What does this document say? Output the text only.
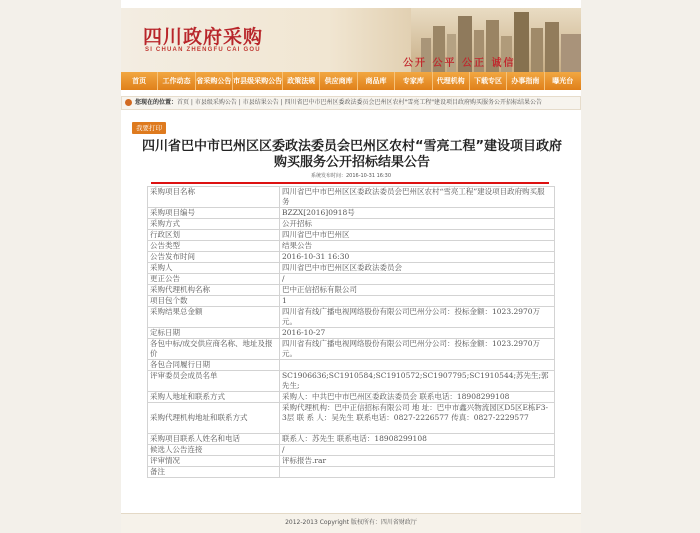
四川政府采购
SI CHUAN ZHENGFU CAI GOU
公开 公平 公正 诚信
首页	工作动态 省采购公告 市县级采购公告 政策法规	供应商库	商品库	专家库	代理机构	下载专区	办事指南	曝光台
您现在的位置：首页 | 市县级采购公告 | 市县结果公告 | 四川省巴中市巴州区委政法委员会巴州区农村"雪亮工程"建设项目政府购买服务公开招标结果公告
我要打印
四川省巴中市巴州区区委政法委员会巴州区农村“雪亮工程”建设项目政府购买服务公开招标结果公告
系统发布时间：2016-10-31 16:30
采购项目名称	四川省巴中市巴州区区委政法委员会巴州区农村“雪亮工程”建设项目政府购买服务
采购项目编号	BZZX[2016]0918号
采购方式	公开招标
行政区划	四川省巴中市巴州区
公告类型	结果公告
公告发布时间	2016-10-31 16:30
采购人	四川省巴中市巴州区区委政法委员会
更正公告	/
采购代理机构名称	巴中正信招标有限公司
项目包个数	1
采购结果总金额	四川省有线广播电视网络股份有限公司巴州分公司：投标金额：1023.2970万元。
定标日期	2016-10-27
各包中标/成交供应商名称、地址及报价	四川省有线广播电视网络股份有限公司巴州分公司：投标金额：1023.2970万元。
各包合同履行日期	
评审委员会成员名单	SC1906636;SC1910584;SC1910572;SC1907795;SC1910544;苏先生;郭先生;
采购人地址和联系方式	采购人：中共巴中市巴州区委政法委员会 联系电话：18908299108
采购代理机构地址和联系方式	采购代理机构：巴中正信招标有限公司 地 址：巴中市鑫兴物流园区D5区E栋F3-3层 联 系 人：吴先生 联系电话：0827-2226577 传真：0827-2229577
采购项目联系人姓名和电话	联系人：苏先生 联系电话：18908299108
候选人公告连接	/
评审情况	评标报告.rar
备注	
2012-2013 Copyright 版权所有：四川省财政厅
